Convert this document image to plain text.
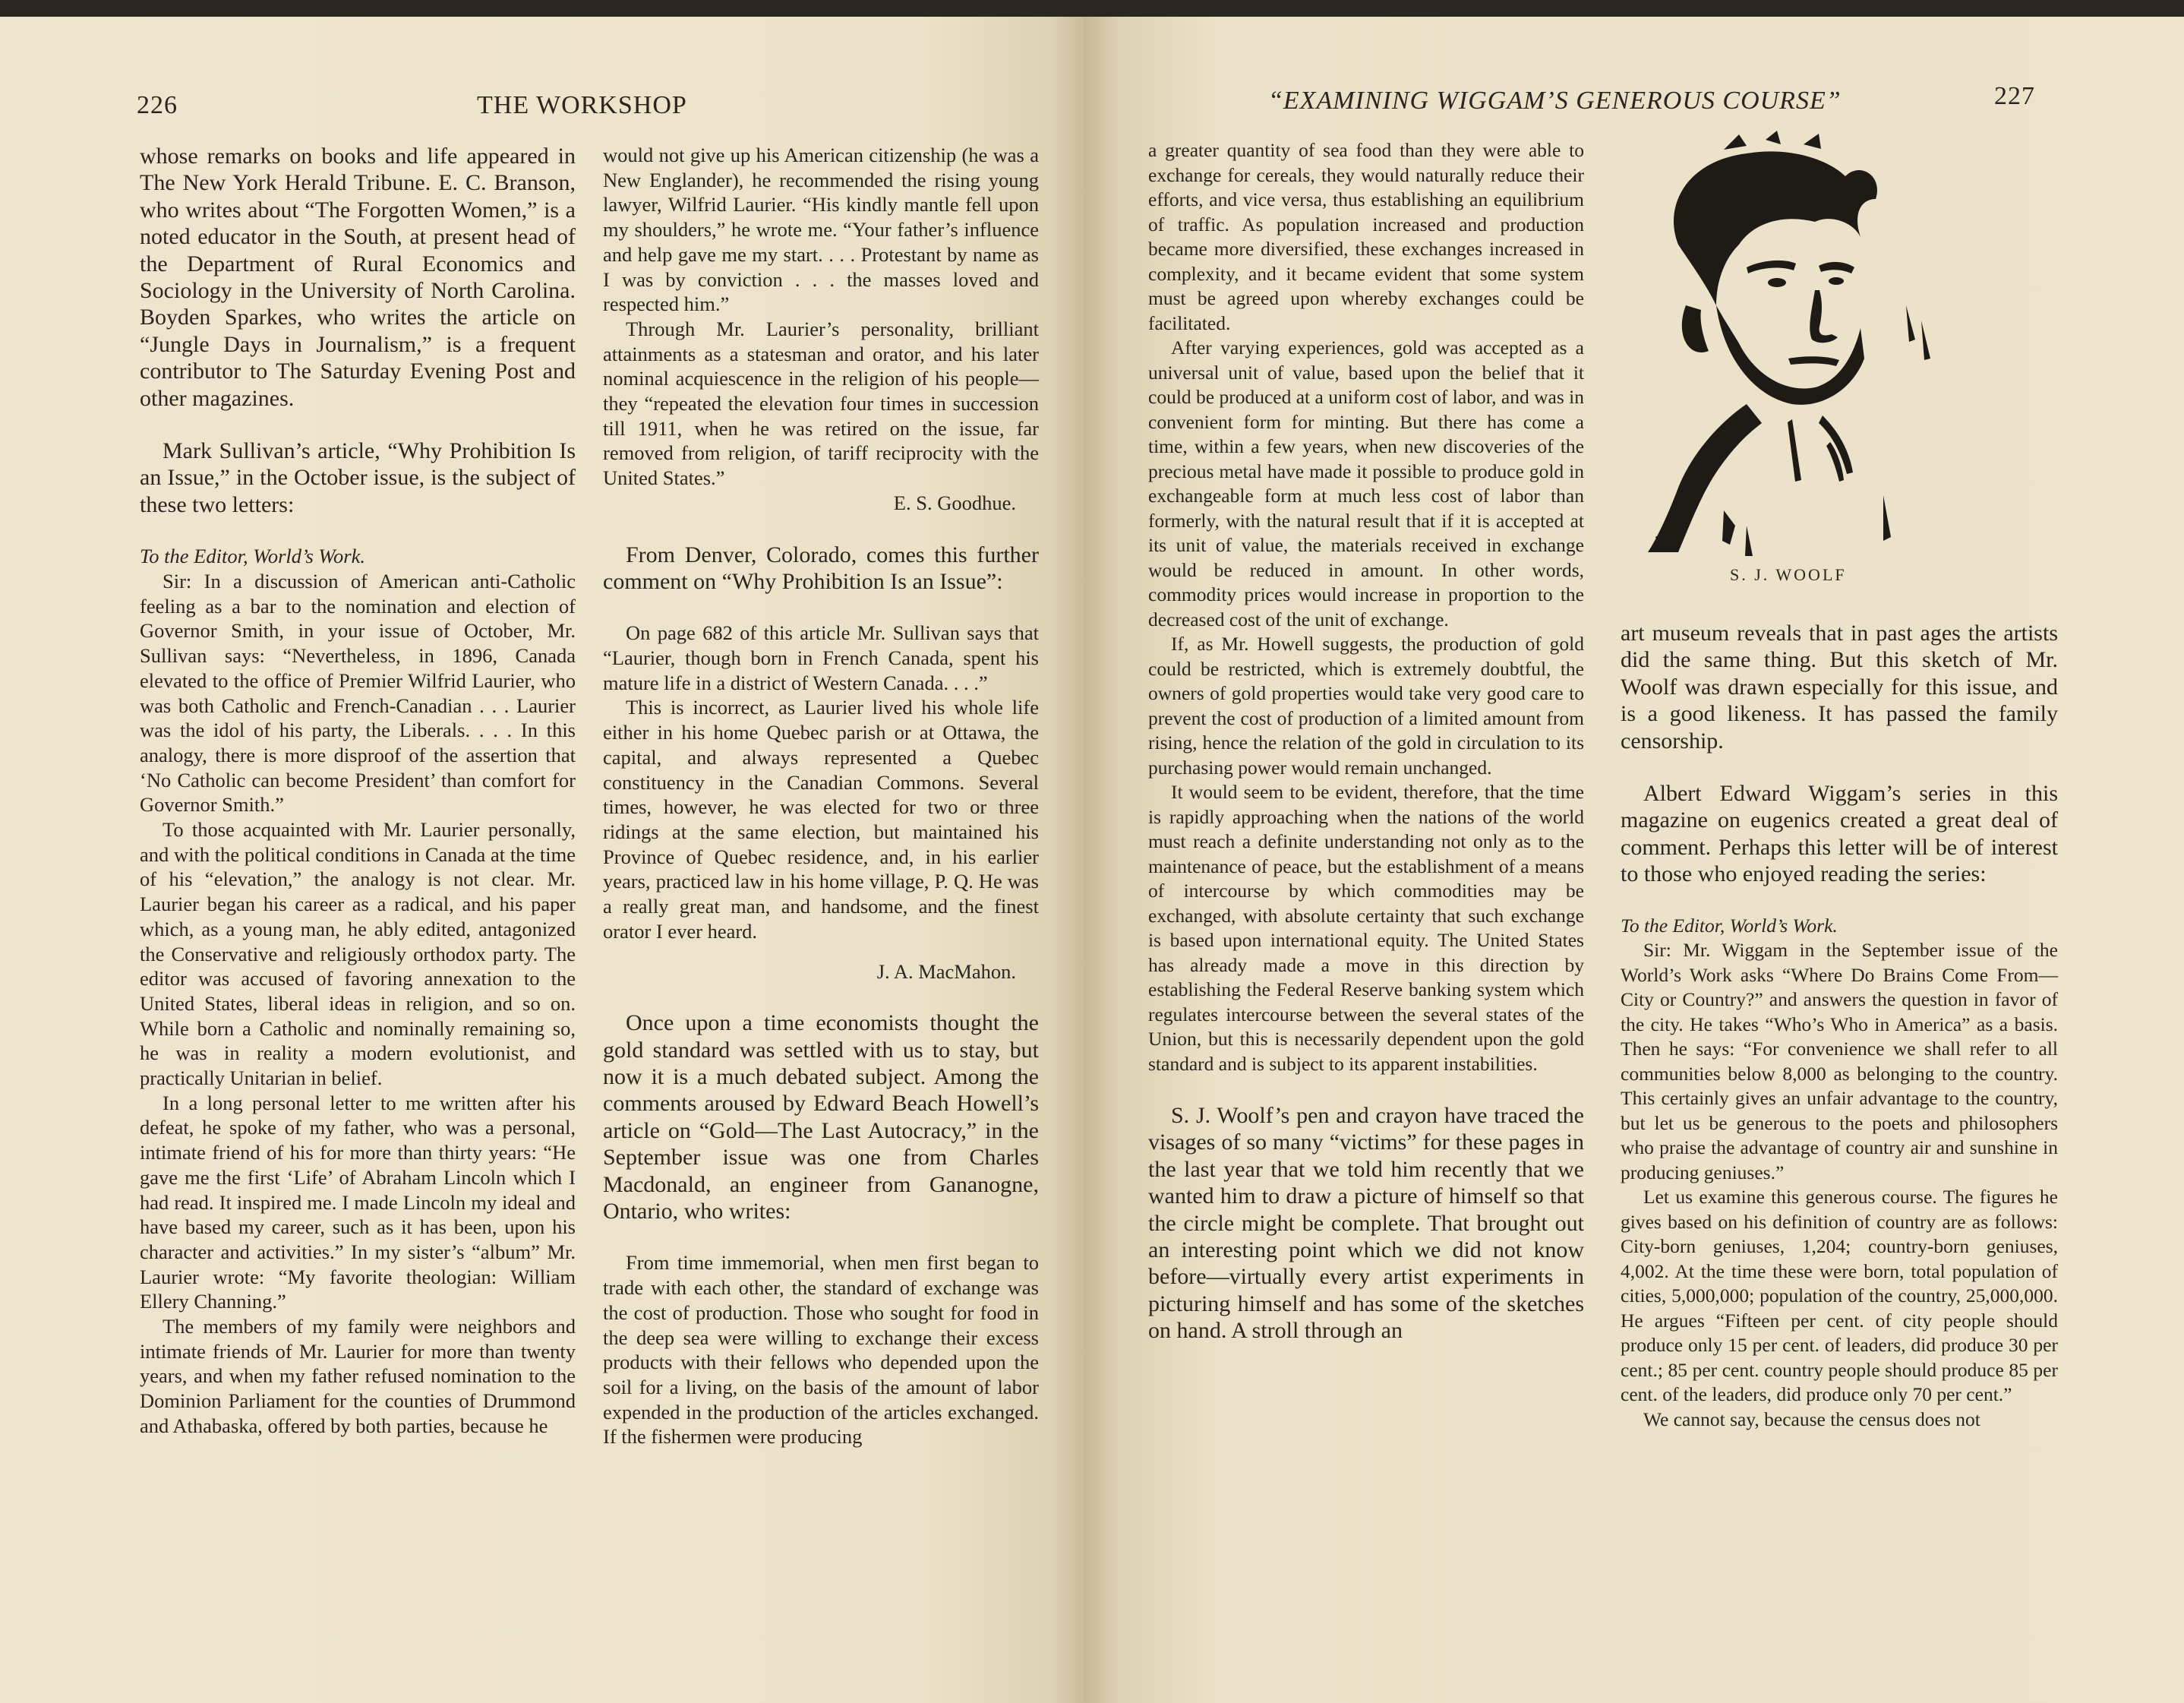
226	THE WORKSHOP

whose remarks on books and life appeared in The New York Herald Tribune. E. C. Branson, who writes about “The Forgotten Women,” is a noted educator in the South, at present head of the Department of Rural Economics and Sociology in the University of North Carolina. Boyden Sparkes, who writes the article on “Jungle Days in Journalism,” is a frequent contributor to The Saturday Evening Post and other magazines.

Mark Sullivan’s article, “Why Prohibition Is an Issue,” in the October issue, is the subject of these two letters:

To the Editor, World’s Work.

Sir: In a discussion of American anti-Catholic feeling as a bar to the nomination and election of Governor Smith, in your issue of October, Mr. Sullivan says: “Nevertheless, in 1896, Canada elevated to the office of Premier Wilfrid Laurier, who was both Catholic and French-Canadian . . . Laurier was the idol of his party, the Liberals. . . . In this analogy, there is more disproof of the assertion that ‘No Catholic can become President’ than comfort for Governor Smith.”

To those acquainted with Mr. Laurier personally, and with the political conditions in Canada at the time of his “elevation,” the analogy is not clear. Mr. Laurier began his career as a radical, and his paper which, as a young man, he ably edited, antagonized the Conservative and religiously orthodox party. The editor was accused of favoring annexation to the United States, liberal ideas in religion, and so on. While born a Catholic and nominally remaining so, he was in reality a modern evolutionist, and practically Unitarian in belief.

In a long personal letter to me written after his defeat, he spoke of my father, who was a personal, intimate friend of his for more than thirty years: “He gave me the first ‘Life’ of Abraham Lincoln which I had read. It inspired me. I made Lincoln my ideal and have based my career, such as it has been, upon his character and activities.” In my sister’s “album” Mr. Laurier wrote: “My favorite theologian: William Ellery Channing.”

The members of my family were neighbors and intimate friends of Mr. Laurier for more than twenty years, and when my father refused nomination to the Dominion Parliament for the counties of Drummond and Athabaska, offered by both parties, because he

would not give up his American citizenship (he was a New Englander), he recommended the rising young lawyer, Wilfrid Laurier. “His kindly mantle fell upon my shoulders,” he wrote me. “Your father’s influence and help gave me my start. . . . Protestant by name as I was by conviction . . . the masses loved and respected him.”

Through Mr. Laurier’s personality, brilliant attainments as a statesman and orator, and his later nominal acquiescence in the religion of his people—they “repeated the elevation four times in succession till 1911, when he was retired on the issue, far removed from religion, of tariff reciprocity with the United States.”

E. S. Goodhue.

From Denver, Colorado, comes this further comment on “Why Prohibition Is an Issue”:

On page 682 of this article Mr. Sullivan says that “Laurier, though born in French Canada, spent his mature life in a district of Western Canada. . . .”

This is incorrect, as Laurier lived his whole life either in his home Quebec parish or at Ottawa, the capital, and always represented a Quebec constituency in the Canadian Commons. Several times, however, he was elected for two or three ridings at the same election, but maintained his Province of Quebec residence, and, in his earlier years, practiced law in his home village, P. Q. He was a really great man, and handsome, and the finest orator I ever heard.

J. A. MacMahon.

Once upon a time economists thought the gold standard was settled with us to stay, but now it is a much debated subject. Among the comments aroused by Edward Beach Howell’s article on “Gold—The Last Autocracy,” in the September issue was one from Charles Macdonald, an engineer from Gananogne, Ontario, who writes:

From time immemorial, when men first began to trade with each other, the standard of exchange was the cost of production. Those who sought for food in the deep sea were willing to exchange their excess products with their fellows who depended upon the soil for a living, on the basis of the amount of labor expended in the production of the articles exchanged. If the fishermen were producing

“EXAMINING WIGGAM’S GENEROUS COURSE”	227

a greater quantity of sea food than they were able to exchange for cereals, they would naturally reduce their efforts, and vice versa, thus establishing an equilibrium of traffic. As population increased and production became more diversified, these exchanges increased in complexity, and it became evident that some system must be agreed upon whereby exchanges could be facilitated.

After varying experiences, gold was accepted as a universal unit of value, based upon the belief that it could be produced at a uniform cost of labor, and was in convenient form for minting. But there has come a time, within a few years, when new discoveries of the precious metal have made it possible to produce gold in exchangeable form at much less cost of labor than formerly, with the natural result that if it is accepted at its unit of value, the materials received in exchange would be reduced in amount. In other words, commodity prices would increase in proportion to the decreased cost of the unit of exchange.

If, as Mr. Howell suggests, the production of gold could be restricted, which is extremely doubtful, the owners of gold properties would take very good care to prevent the cost of production of a limited amount from rising, hence the relation of the gold in circulation to its purchasing power would remain unchanged.

It would seem to be evident, therefore, that the time is rapidly approaching when the nations of the world must reach a definite understanding not only as to the maintenance of peace, but the establishment of a means of intercourse by which commodities may be exchanged, with absolute certainty that such exchange is based upon international equity. The United States has already made a move in this direction by establishing the Federal Reserve banking system which regulates intercourse between the several states of the Union, but this is necessarily dependent upon the gold standard and is subject to its apparent instabilities.

S. J. Woolf’s pen and crayon have traced the visages of so many “victims” for these pages in the last year that we told him recently that we wanted him to draw a picture of himself so that the circle might be complete. That brought out an interesting point which we did not know before—virtually every artist experiments in picturing himself and has some of the sketches on hand. A stroll through an

S. J. WOOLF

art museum reveals that in past ages the artists did the same thing. But this sketch of Mr. Woolf was drawn especially for this issue, and is a good likeness. It has passed the family censorship.

Albert Edward Wiggam’s series in this magazine on eugenics created a great deal of comment. Perhaps this letter will be of interest to those who enjoyed reading the series:

To the Editor, World’s Work.

Sir: Mr. Wiggam in the September issue of the World’s Work asks “Where Do Brains Come From—City or Country?” and answers the question in favor of the city. He takes “Who’s Who in America” as a basis. Then he says: “For convenience we shall refer to all communities below 8,000 as belonging to the country. This certainly gives an unfair advantage to the country, but let us be generous to the poets and philosophers who praise the advantage of country air and sunshine in producing geniuses.”

Let us examine this generous course. The figures he gives based on his definition of country are as follows: City-born geniuses, 1,204; country-born geniuses, 4,002. At the time these were born, total population of cities, 5,000,000; population of the country, 25,000,000. He argues “Fifteen per cent. of city people should produce only 15 per cent. of leaders, did produce 30 per cent.; 85 per cent. country people should produce 85 per cent. of the leaders, did produce only 70 per cent.”

We cannot say, because the census does not
